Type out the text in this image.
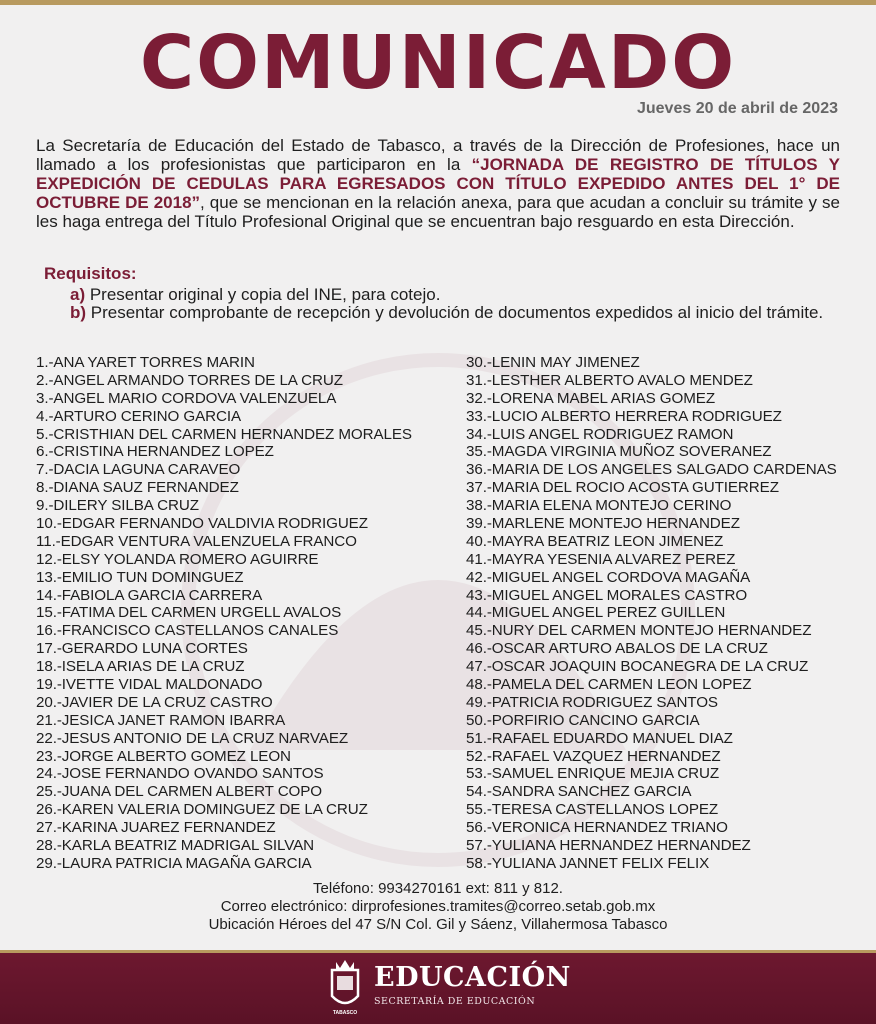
COMUNICADO
Jueves 20 de abril de 2023

La Secretaría de Educación del Estado de Tabasco, a través de la Dirección de Profesiones, hace un llamado a los profesionistas que participaron en la “JORNADA DE REGISTRO DE TÍTULOS Y EXPEDICIÓN DE CEDULAS PARA EGRESADOS CON TÍTULO EXPEDIDO ANTES DEL 1° DE OCTUBRE DE 2018”, que se mencionan en la relación anexa, para que acudan a concluir su trámite y se les haga entrega del Título Profesional Original que se encuentran bajo resguardo en esta Dirección.

Requisitos:
a) Presentar original y copia del INE, para cotejo.
b) Presentar comprobante de recepción y devolución de documentos expedidos al inicio del trámite.
1.-ANA YARET TORRES MARIN
2.-ANGEL ARMANDO TORRES DE LA CRUZ
3.-ANGEL MARIO CORDOVA VALENZUELA
4.-ARTURO CERINO GARCIA
5.-CRISTHIAN DEL CARMEN HERNANDEZ MORALES
6.-CRISTINA HERNANDEZ LOPEZ
7.-DACIA LAGUNA CARAVEO
8.-DIANA SAUZ FERNANDEZ
9.-DILERY SILBA CRUZ
10.-EDGAR FERNANDO VALDIVIA RODRIGUEZ
11.-EDGAR VENTURA VALENZUELA FRANCO
12.-ELSY YOLANDA ROMERO AGUIRRE
13.-EMILIO TUN DOMINGUEZ
14.-FABIOLA GARCIA CARRERA
15.-FATIMA DEL CARMEN URGELL AVALOS
16.-FRANCISCO CASTELLANOS CANALES
17.-GERARDO LUNA CORTES
18.-ISELA ARIAS DE LA CRUZ
19.-IVETTE VIDAL MALDONADO
20.-JAVIER DE LA CRUZ CASTRO
21.-JESICA JANET RAMON IBARRA
22.-JESUS ANTONIO DE LA CRUZ NARVAEZ
23.-JORGE ALBERTO GOMEZ LEON
24.-JOSE FERNANDO OVANDO SANTOS
25.-JUANA DEL CARMEN ALBERT COPO
26.-KAREN VALERIA DOMINGUEZ DE LA CRUZ
27.-KARINA JUAREZ FERNANDEZ
28.-KARLA BEATRIZ MADRIGAL SILVAN
29.-LAURA PATRICIA MAGAÑA GARCIA
30.-LENIN MAY JIMENEZ
31.-LESTHER ALBERTO AVALO MENDEZ
32.-LORENA MABEL ARIAS GOMEZ
33.-LUCIO ALBERTO HERRERA RODRIGUEZ
34.-LUIS ANGEL RODRIGUEZ RAMON
35.-MAGDA VIRGINIA MUÑOZ SOVERANEZ
36.-MARIA DE LOS ANGELES SALGADO CARDENAS
37.-MARIA DEL ROCIO ACOSTA GUTIERREZ
38.-MARIA ELENA MONTEJO CERINO
39.-MARLENE MONTEJO HERNANDEZ
40.-MAYRA BEATRIZ LEON JIMENEZ
41.-MAYRA YESENIA ALVAREZ PEREZ
42.-MIGUEL ANGEL CORDOVA MAGAÑA
43.-MIGUEL ANGEL MORALES CASTRO
44.-MIGUEL ANGEL PEREZ GUILLEN
45.-NURY DEL CARMEN MONTEJO HERNANDEZ
46.-OSCAR ARTURO ABALOS DE LA CRUZ
47.-OSCAR JOAQUIN BOCANEGRA DE LA CRUZ
48.-PAMELA DEL CARMEN LEON LOPEZ
49.-PATRICIA RODRIGUEZ SANTOS
50.-PORFIRIO CANCINO GARCIA
51.-RAFAEL EDUARDO MANUEL DIAZ
52.-RAFAEL VAZQUEZ HERNANDEZ
53.-SAMUEL ENRIQUE MEJIA CRUZ
54.-SANDRA SANCHEZ GARCIA
55.-TERESA CASTELLANOS LOPEZ
56.-VERONICA HERNANDEZ TRIANO
57.-YULIANA HERNANDEZ HERNANDEZ
58.-YULIANA JANNET FELIX FELIX
Teléfono: 9934270161 ext: 811 y 812.
Correo electrónico: dirprofesiones.tramites@correo.setab.gob.mx
Ubicación Héroes del 47 S/N Col. Gil y Sáenz, Villahermosa Tabasco
TABASCO
EDUCACIÓN
SECRETARÍA DE EDUCACIÓN
